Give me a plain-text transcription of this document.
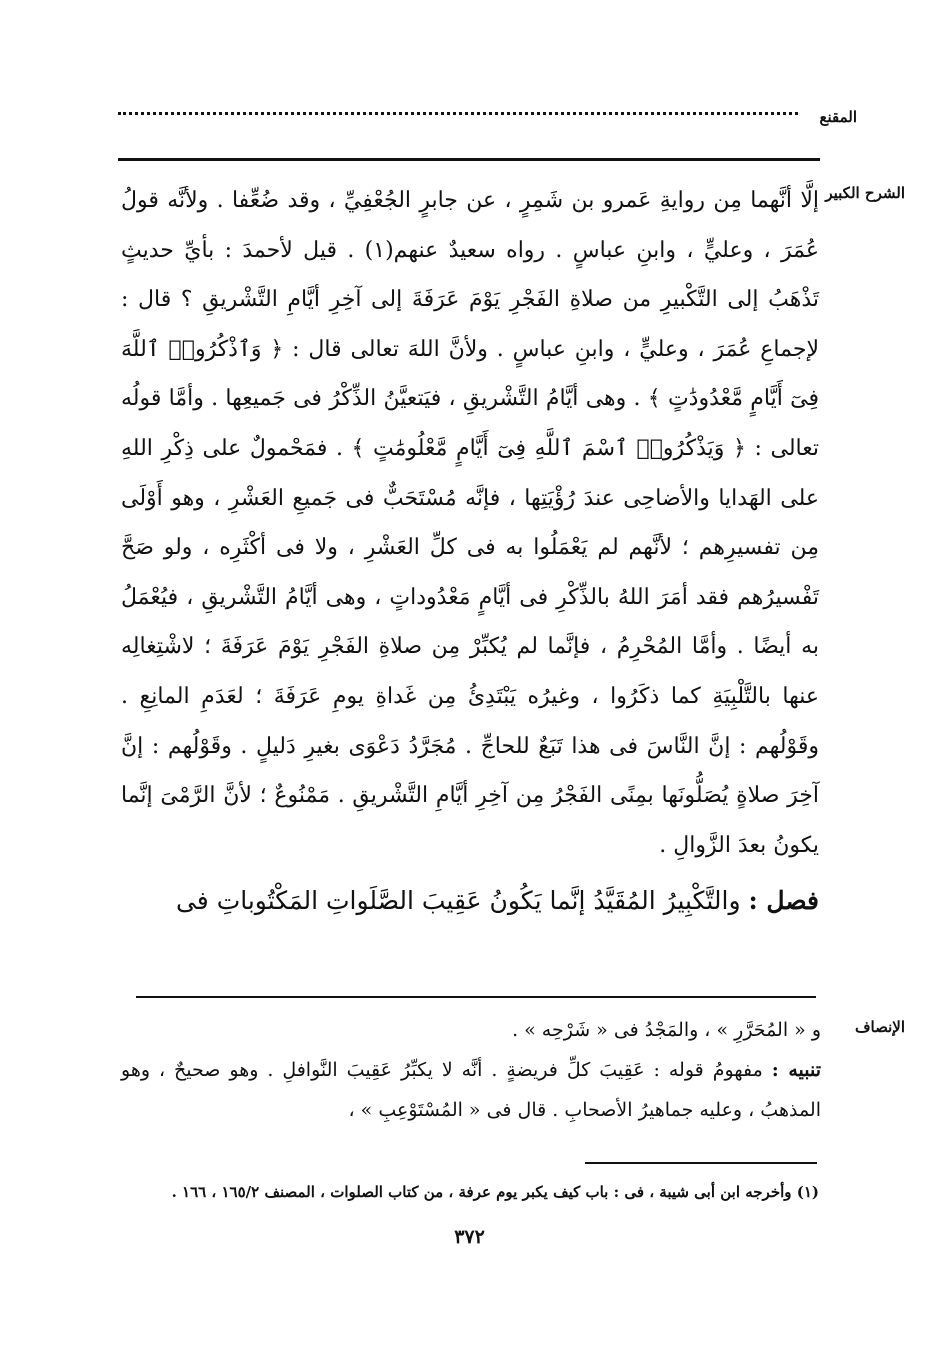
المقنع
الشرح الكبير

إلَّا أنَّهما مِن روايةِ عَمرو بن شَمِرٍ ، عن جابرٍ الجُعْفِيِّ ، وقد ضُعِّفا . ولأنَّه قولُ عُمَرَ ، وعليٍّ ، وابنِ عباسٍ . رواه سعيدٌ عنهم(١) . قيل لأحمدَ : بأيِّ حديثٍ تَذْهَبُ إلى التَّكْبيرِ من صلاةِ الفَجْرِ يَوْمَ عَرَفَةَ إلى آخِرِ أيَّامِ التَّشْريقِ ؟ قال : لإجماعِ عُمَرَ ، وعليٍّ ، وابنِ عباسٍ . ولأنَّ اللهَ تعالى قال : ﴿ وَٱذْكُرُوا۟ ٱللَّهَ فِىٓ أَيَّامٍ مَّعْدُودَٰتٍ ﴾ . وهى أيَّامُ التَّشْريقِ ، فيَتعيَّنُ الذِّكْرُ فى جَميعِها . وأمَّا قولُه تعالى : ﴿ وَيَذْكُرُوا۟ ٱسْمَ ٱللَّهِ فِىٓ أَيَّامٍ مَّعْلُومَٰتٍ ﴾ . فمَحْمولٌ على ذِكْرِ اللهِ على الهَدايا والأضاحِى عندَ رُؤْيَتِها ، فإنَّه مُسْتَحَبٌّ فى جَميعِ العَشْرِ ، وهو أَوْلَى مِن تفسيرِهم ؛ لأنَّهم لم يَعْمَلُوا به فى كلِّ العَشْرِ ، ولا فى أكْثَرِه ، ولو صَحَّ تَفْسيرُهم فقد أمَرَ اللهُ بالذِّكْرِ فى أيَّامٍ مَعْدُوداتٍ ، وهى أيَّامُ التَّشْريقِ ، فيُعْمَلُ به أيضًا . وأمَّا المُحْرِمُ ، فإنَّما لم يُكبِّرْ مِن صلاةِ الفَجْرِ يَوْمَ عَرَفَةَ ؛ لاشْتِغالِه عنها بالتَّلْبِيَةِ كما ذكَرُوا ، وغيرُه يَبْتَدِئُ مِن غَداةِ يومِ عَرَفَةَ ؛ لعَدَمِ المانِعِ . وقَوْلُهم : إنَّ النَّاسَ فى هذا تَبَعٌ للحاجِّ . مُجَرَّدُ دَعْوَى بغيرِ دَليلٍ . وقَوْلُهم : إنَّ آخِرَ صلاةٍ يُصَلُّونَها بمِنًى الفَجْرُ مِن آخِرِ أيَّامِ التَّشْريقِ . مَمْنُوعٌ ؛ لأنَّ الرَّمْىَ إنَّما يكونُ بعدَ الزَّوالِ .

فصل : والتَّكْبِيرُ المُقَيَّدُ إنَّما يَكُونُ عَقِيبَ الصَّلَواتِ المَكْتُوباتِ فى

الإنصاف

و « المُحَرَّرِ » ، والمَجْدُ فى « شَرْحِه » .

تنبيه : مفهومُ قوله : عَقِيبَ كلِّ فريضةٍ . أنَّه لا يكبِّرُ عَقِيبَ النَّوافلِ . وهو صحيحٌ ، وهو المذهبُ ، وعليه جماهيرُ الأصحابِ . قال فى « المُسْتَوْعِبِ » ،

(١) وأخرجه ابن أبى شيبة ، فى : باب كيف يكبر يوم عرفة ، من كتاب الصلوات ، المصنف ١٦٥/٢ ، ١٦٦ .
٣٧٢
